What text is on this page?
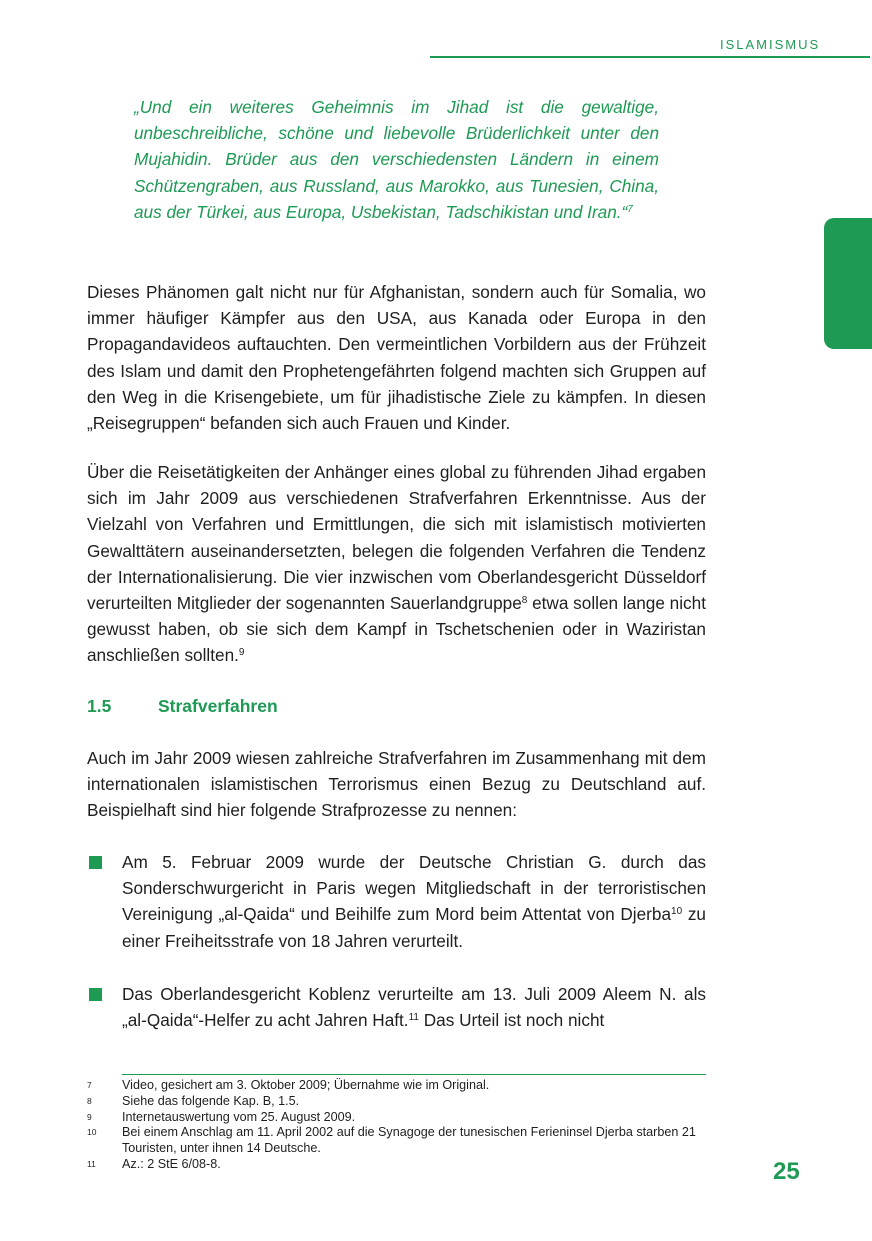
ISLAMISMUS

„Und ein weiteres Geheimnis im Jihad ist die gewaltige, unbeschreibliche, schöne und liebevolle Brüderlichkeit unter den Mujahidin. Brüder aus den verschiedensten Ländern in einem Schützengraben, aus Russland, aus Marokko, aus Tunesien, China, aus der Türkei, aus Europa, Usbekistan, Tadschikistan und Iran.“$^7$

Dieses Phänomen galt nicht nur für Afghanistan, sondern auch für Somalia, wo immer häufiger Kämpfer aus den USA, aus Kanada oder Europa in den Propagandavideos auftauchten. Den vermeintlichen Vorbildern aus der Frühzeit des Islam und damit den Prophetengefährten folgend machten sich Gruppen auf den Weg in die Krisengebiete, um für jihadistische Ziele zu kämpfen. In diesen „Reisegruppen“ befanden sich auch Frauen und Kinder.

Über die Reisetätigkeiten der Anhänger eines global zu führenden Jihad ergaben sich im Jahr 2009 aus verschiedenen Strafverfahren Erkenntnisse. Aus der Vielzahl von Verfahren und Ermittlungen, die sich mit islamistisch motivierten Gewalttätern auseinandersetzten, belegen die folgenden Verfahren die Tendenz der Internationalisierung. Die vier inzwischen vom Oberlandesgericht Düsseldorf verurteilten Mitglieder der sogenannten Sauerlandgruppe$^8$ etwa sollen lange nicht gewusst haben, ob sie sich dem Kampf in Tschetschenien oder in Waziristan anschließen sollten.$^9$

1.5	Strafverfahren

Auch im Jahr 2009 wiesen zahlreiche Strafverfahren im Zusammenhang mit dem internationalen islamistischen Terrorismus einen Bezug zu Deutschland auf. Beispielhaft sind hier folgende Strafprozesse zu nennen:

Am 5. Februar 2009 wurde der Deutsche Christian G. durch das Sonderschwurgericht in Paris wegen Mitgliedschaft in der terroristischen Vereinigung „al-Qaida“ und Beihilfe zum Mord beim Attentat von Djerba$^{10}$ zu einer Freiheitsstrafe von 18 Jahren verurteilt.

Das Oberlandesgericht Koblenz verurteilte am 13. Juli 2009 Aleem N. als „al-Qaida“-Helfer zu acht Jahren Haft.$^{11}$ Das Urteil ist noch nicht

7 Video, gesichert am 3. Oktober 2009; Übernahme wie im Original.
8 Siehe das folgende Kap. B, 1.5.
9 Internetauswertung vom 25. August 2009.
10 Bei einem Anschlag am 11. April 2002 auf die Synagoge der tunesischen Ferieninsel Djerba starben 21 Touristen, unter ihnen 14 Deutsche.
11 Az.: 2 StE 6/08-8.	25
